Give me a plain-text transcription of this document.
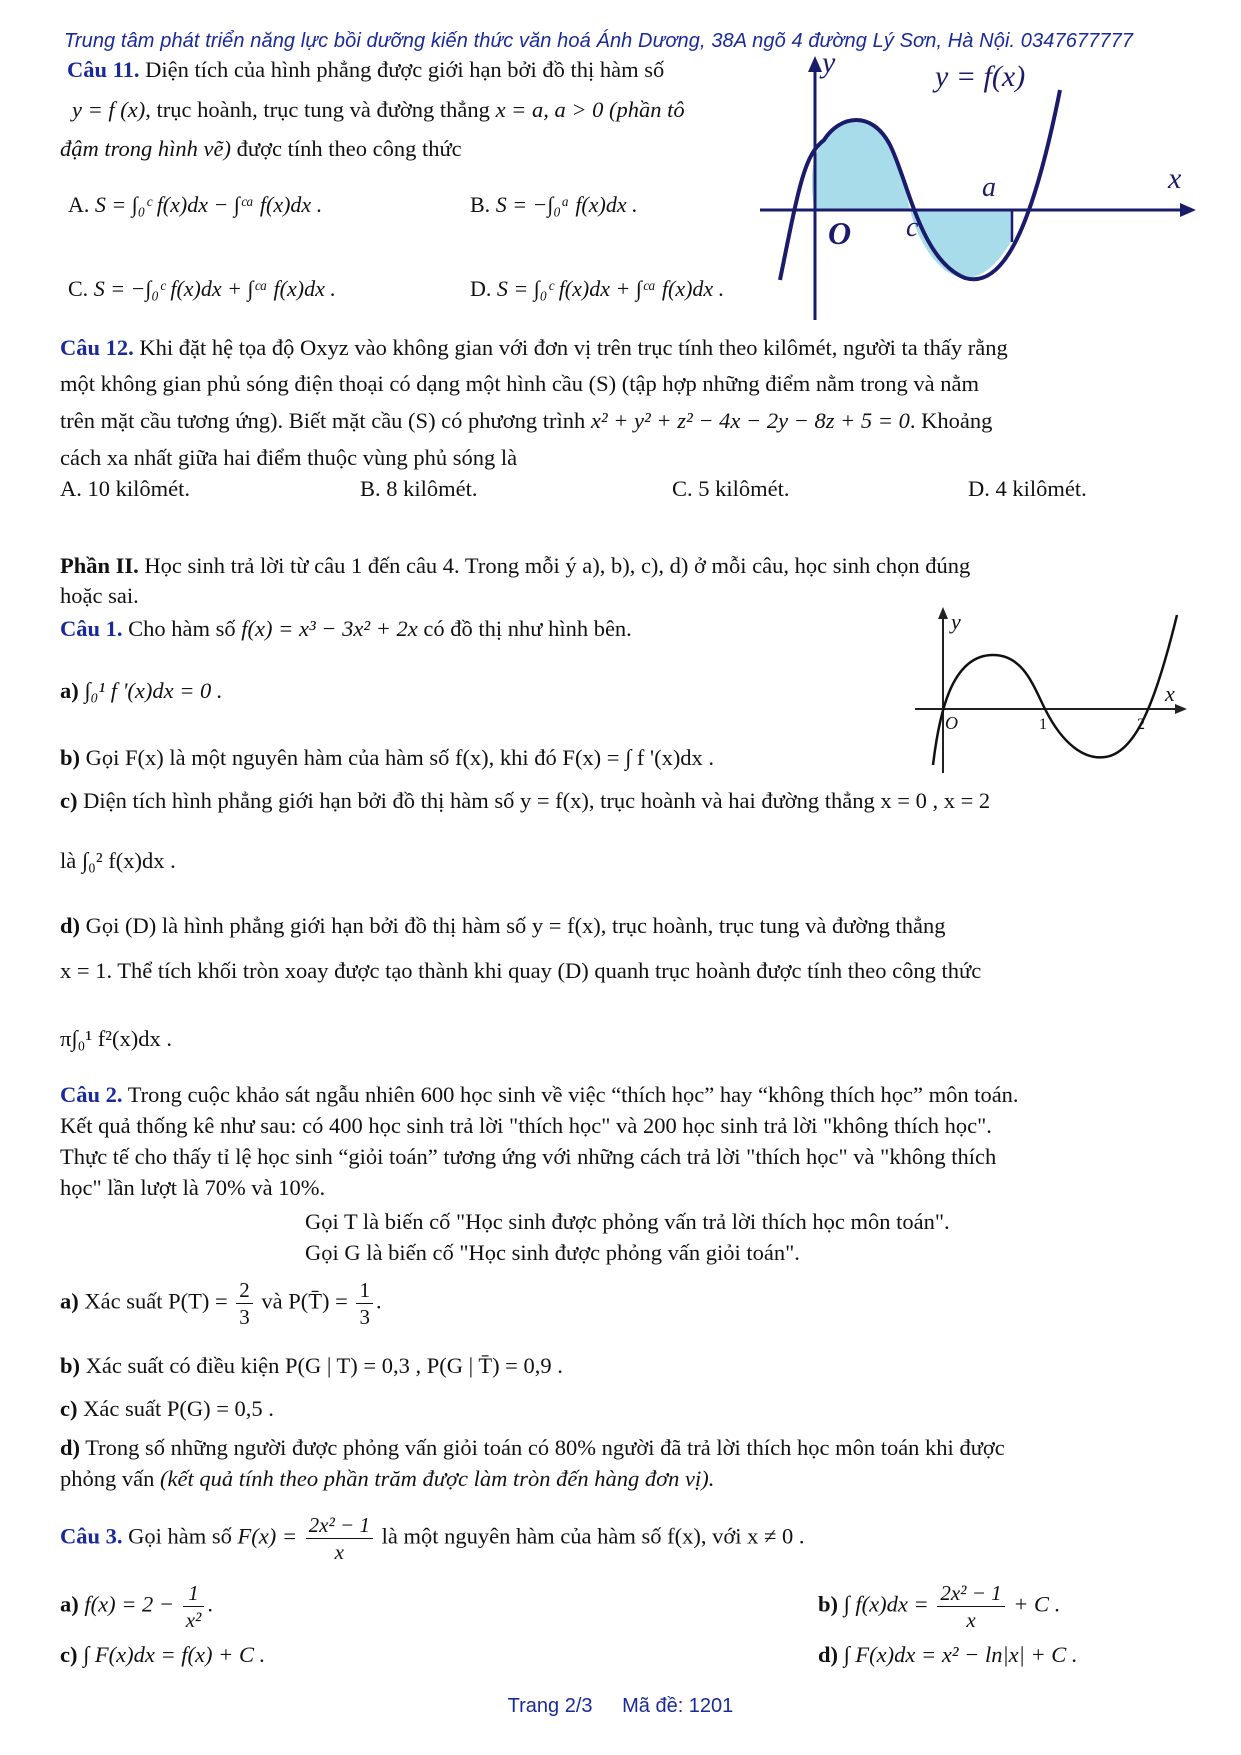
Trung tâm phát triển năng lực bồi dưỡng kiến thức văn hoá Ánh Dương, 38A ngõ 4 đường Lý Sơn, Hà Nội. 0347677777
Câu 11. Diện tích của hình phẳng được giới hạn bởi đồ thị hàm số
y = f (x), trục hoành, trục tung và đường thẳng x = a, a > 0 (phần tô
đậm trong hình vẽ) được tính theo công thức
A. S = ∫₀ᶜ f(x)dx − ∫ᶜᵃ f(x)dx .	B. S = −∫₀ᵃ f(x)dx .
C. S = −∫₀ᶜ f(x)dx + ∫ᶜᵃ f(x)dx .	D. S = ∫₀ᶜ f(x)dx + ∫ᶜᵃ f(x)dx .
y	y = f(x)
x
O c
a
Câu 12. Khi đặt hệ tọa độ Oxyz vào không gian với đơn vị trên trục tính theo kilômét, người ta thấy rằng
một không gian phủ sóng điện thoại có dạng một hình cầu (S) (tập hợp những điểm nằm trong và nằm
trên mặt cầu tương ứng). Biết mặt cầu (S) có phương trình x² + y² + z² − 4x − 2y − 8z + 5 = 0. Khoảng
cách xa nhất giữa hai điểm thuộc vùng phủ sóng là
A. 10 kilômét.	B. 8 kilômét.	C. 5 kilômét.	D. 4 kilômét.
Phần II. Học sinh trả lời từ câu 1 đến câu 4. Trong mỗi ý a), b), c), d) ở mỗi câu, học sinh chọn đúng
hoặc sai.
Câu 1. Cho hàm số f(x) = x³ − 3x² + 2x có đồ thị như hình bên.
a) ∫₀¹ f '(x)dx = 0 .
b) Gọi F(x) là một nguyên hàm của hàm số f(x), khi đó F(x) = ∫ f '(x)dx .
c) Diện tích hình phẳng giới hạn bởi đồ thị hàm số y = f(x), trục hoành và hai đường thẳng x = 0 , x = 2
là ∫₀² f(x)dx .
d) Gọi (D) là hình phẳng giới hạn bởi đồ thị hàm số y = f(x), trục hoành, trục tung và đường thẳng
x = 1. Thể tích khối tròn xoay được tạo thành khi quay (D) quanh trục hoành được tính theo công thức
π∫₀¹ f²(x)dx .
y
x
O	1	2
Câu 2. Trong cuộc khảo sát ngẫu nhiên 600 học sinh về việc “thích học” hay “không thích học” môn toán.
Kết quả thống kê như sau: có 400 học sinh trả lời "thích học" và 200 học sinh trả lời "không thích học".
Thực tế cho thấy tỉ lệ học sinh “giỏi toán” tương ứng với những cách trả lời "thích học" và "không thích
học" lần lượt là 70% và 10%.
Gọi T là biến cố "Học sinh được phỏng vấn trả lời thích học môn toán".
Gọi G là biến cố "Học sinh được phỏng vấn giỏi toán".
a) Xác suất $P(T) = \frac{2}{3}$ và P(T̄) = $\frac{1}{3}$ .
b) Xác suất có điều kiện P(G | T) = 0,3 , P(G | T̄) = 0,9 .
c) Xác suất P(G) = 0,5 .
d) Trong số những người được phỏng vấn giỏi toán có 80% người đã trả lời thích học môn toán khi được
phỏng vấn (kết quả tính theo phần trăm được làm tròn đến hàng đơn vị).
Câu 3. Gọi hàm số $F(x) = \frac{\text{2x² − 1}}{x}$ là một nguyên hàm của hàm số f(x), với x ≠ 0 .
a) $f(x) = 2 - \frac{1}{\text{x²}}$ .	b) ∫ $f(x)dx = \frac{\text{2x² − 1}}{x} + C$ .
c) ∫ F(x)dx = f(x) + C .	d) ∫ F(x)dx = x² − ln|x| + C .
Trang 2/3 Mã đề: 1201
